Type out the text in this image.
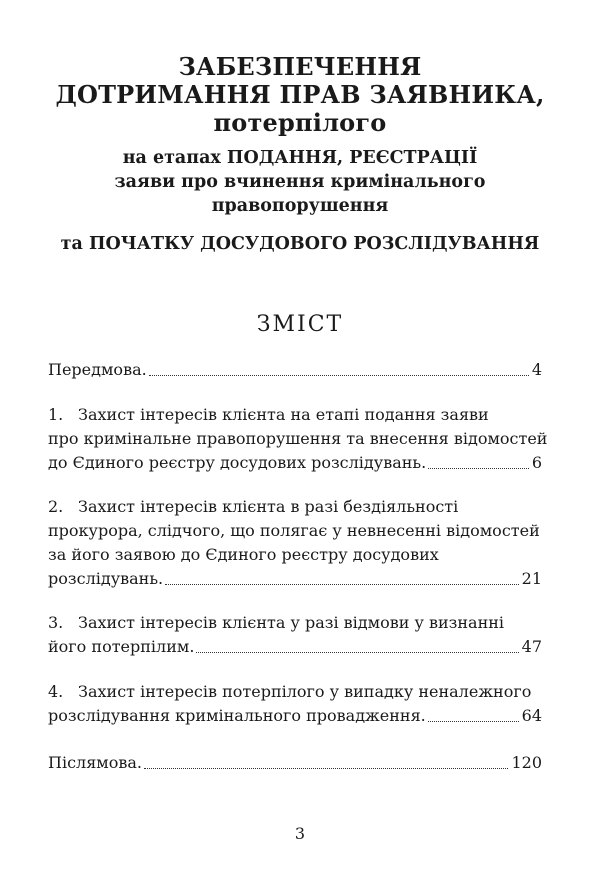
ЗАБЕЗПЕЧЕННЯ
ДОТРИМАННЯ ПРАВ ЗАЯВНИКА,
потерпілого
на етапах ПОДАННЯ, РЕЄСТРАЦІЇ
заяви про вчинення кримінального
правопорушення
та ПОЧАТКУ ДОСУДОВОГО РОЗСЛІДУВАННЯ
ЗМІСТ
Передмова.	4
1. Захист інтересів клієнта на етапі подання заяви
про кримінальне правопорушення та внесення відомостей
до Єдиного реєстру досудових розслідувань.	6
2. Захист інтересів клієнта в разі бездіяльності
прокурора, слідчого, що полягає у невнесенні відомостей
за його заявою до Єдиного реєстру досудових
розслідувань.	21
3. Захист інтересів клієнта у разі відмови у визнанні
його потерпілим.	47
4. Захист інтересів потерпілого у випадку неналежного
розслідування кримінального провадження.	64
Післямова.	120
3
